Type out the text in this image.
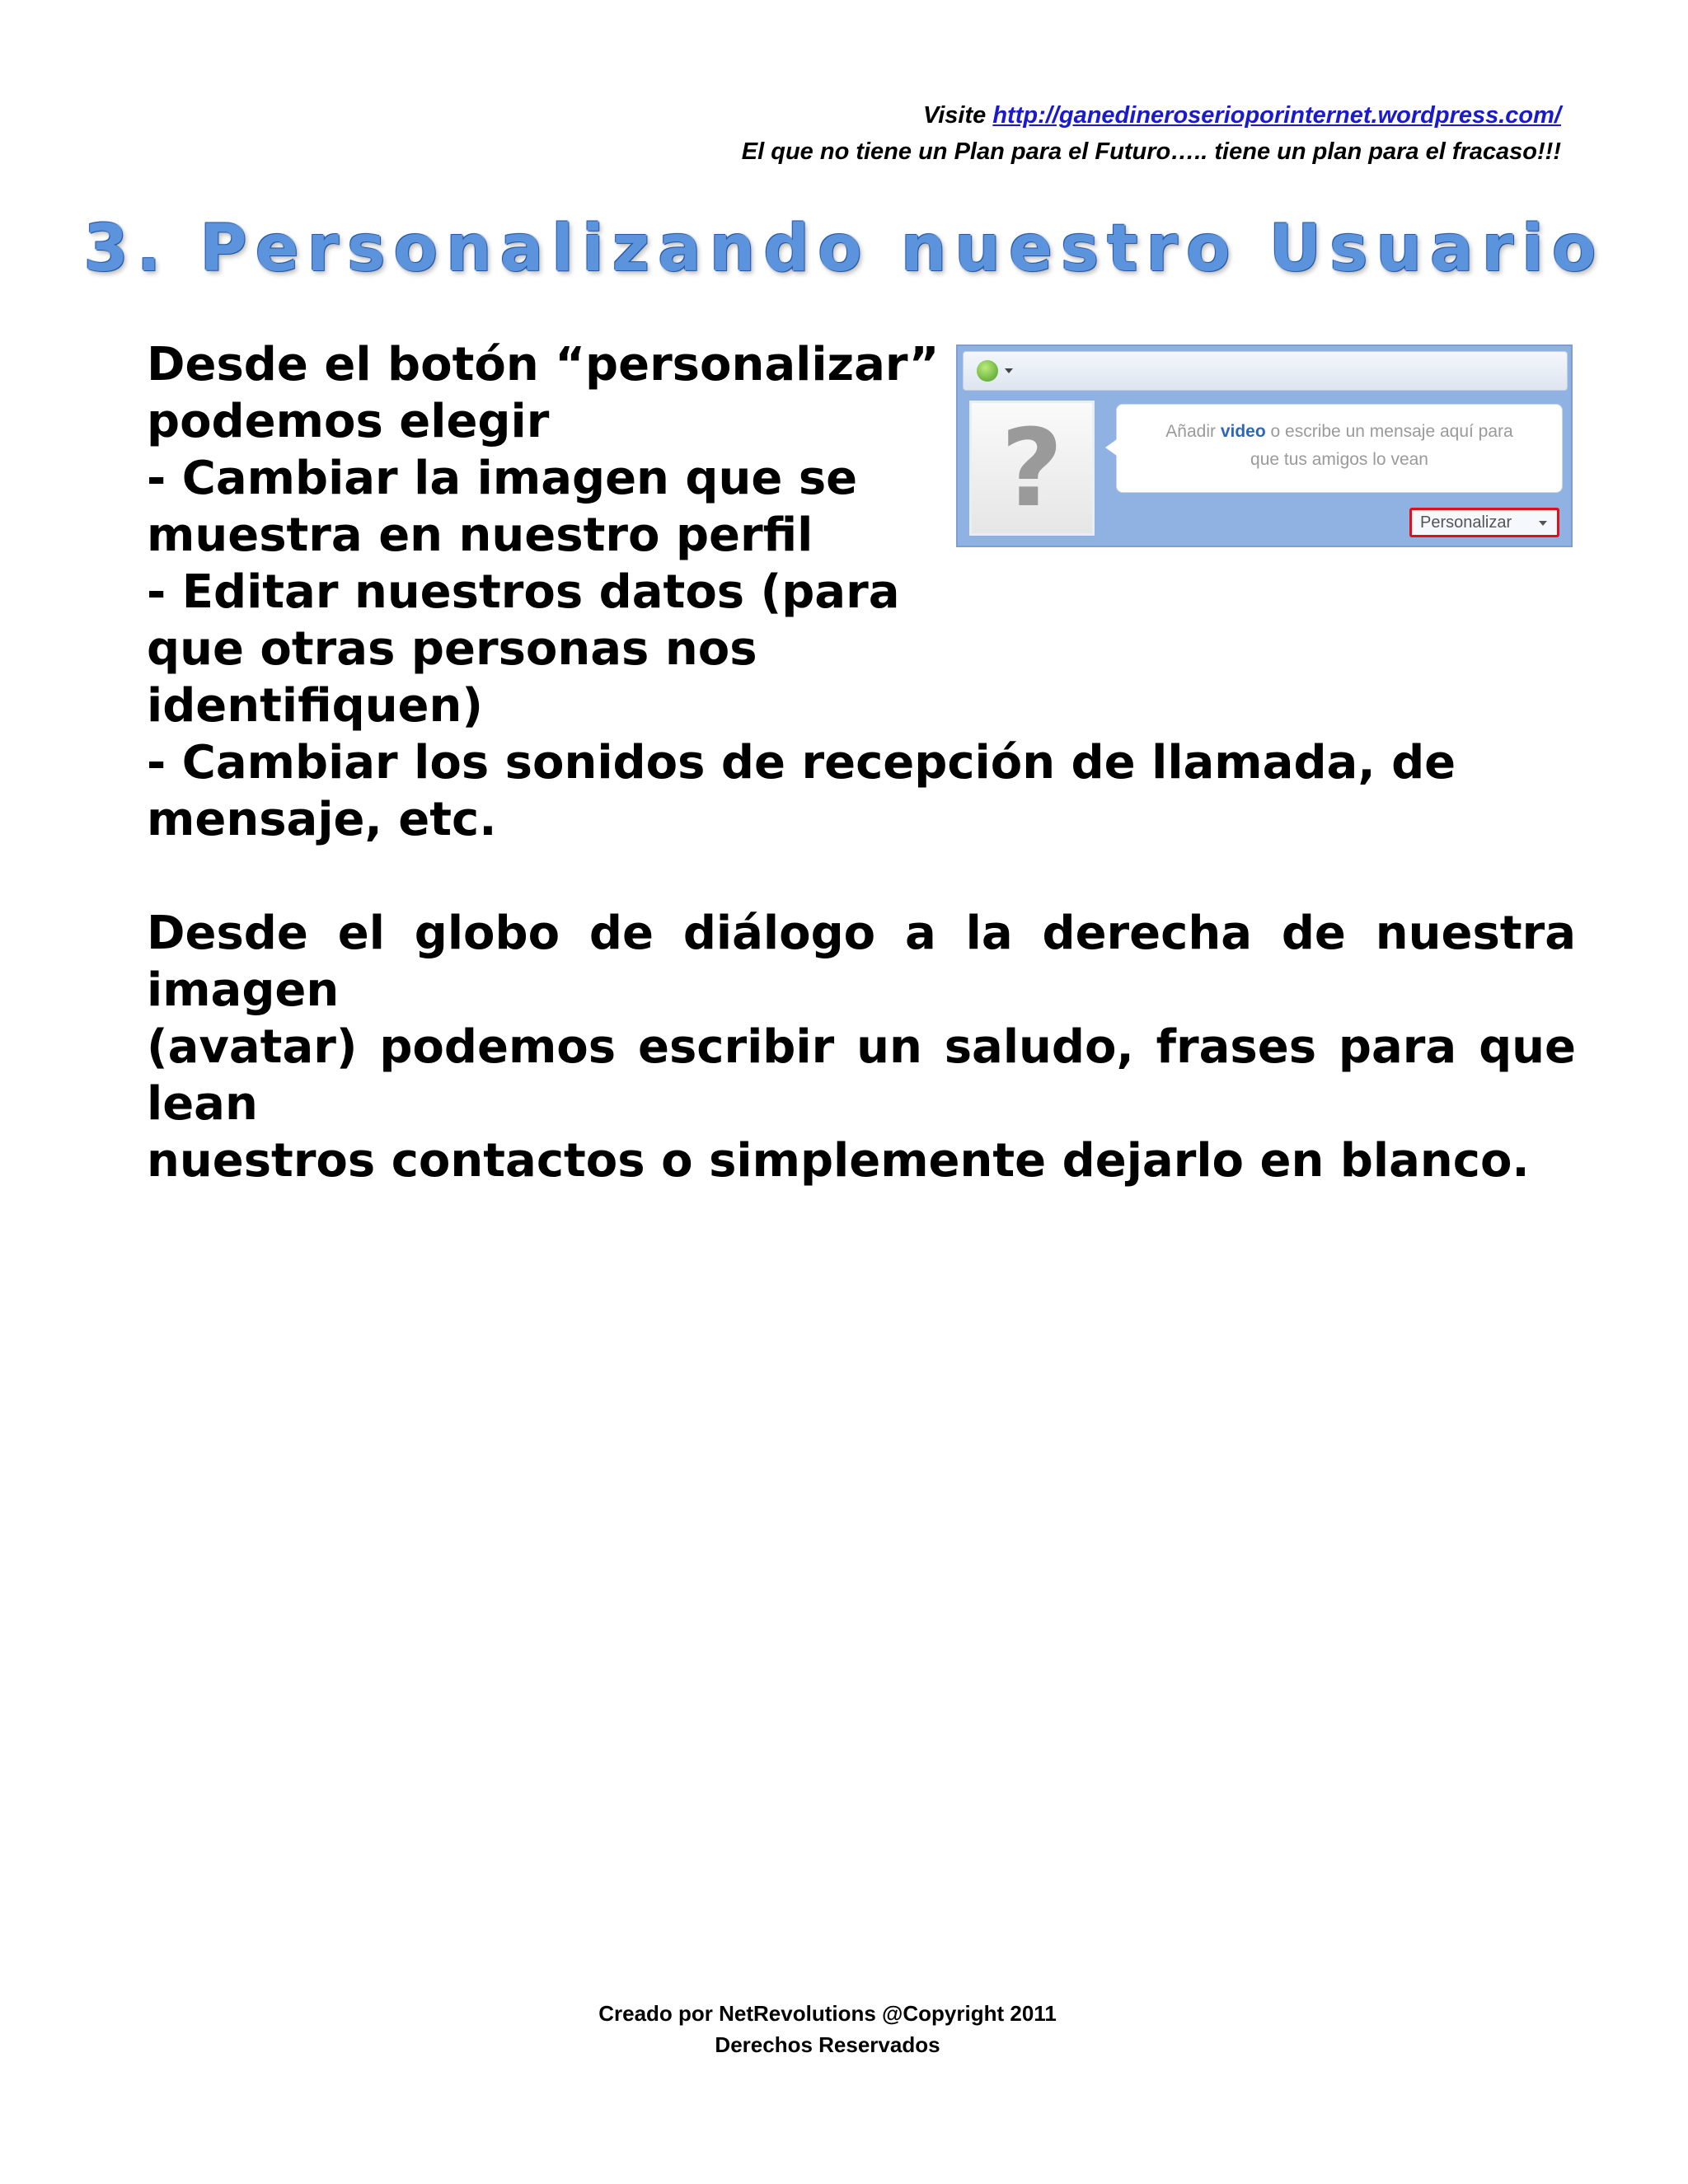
Visite http://ganedineroserioporinternet.wordpress.com/
El que no tiene un Plan para el Futuro….. tiene un plan para el fracaso!!!
3. Personalizando nuestro Usuario
Desde el botón “personalizar”
podemos elegir
- Cambiar la imagen que se
muestra en nuestro perfil
- Editar nuestros datos (para
que otras personas nos
identifiquen)
- Cambiar los sonidos de recepción de llamada, de
mensaje, etc.
?	Añadir video o escribe un mensaje aquí para
que tus amigos lo vean
Personalizar
Desde el globo de diálogo a la derecha de nuestra imagen
(avatar) podemos escribir un saludo, frases para que lean
nuestros contactos o simplemente dejarlo en blanco.
Creado por NetRevolutions @Copyright 2011
Derechos Reservados
